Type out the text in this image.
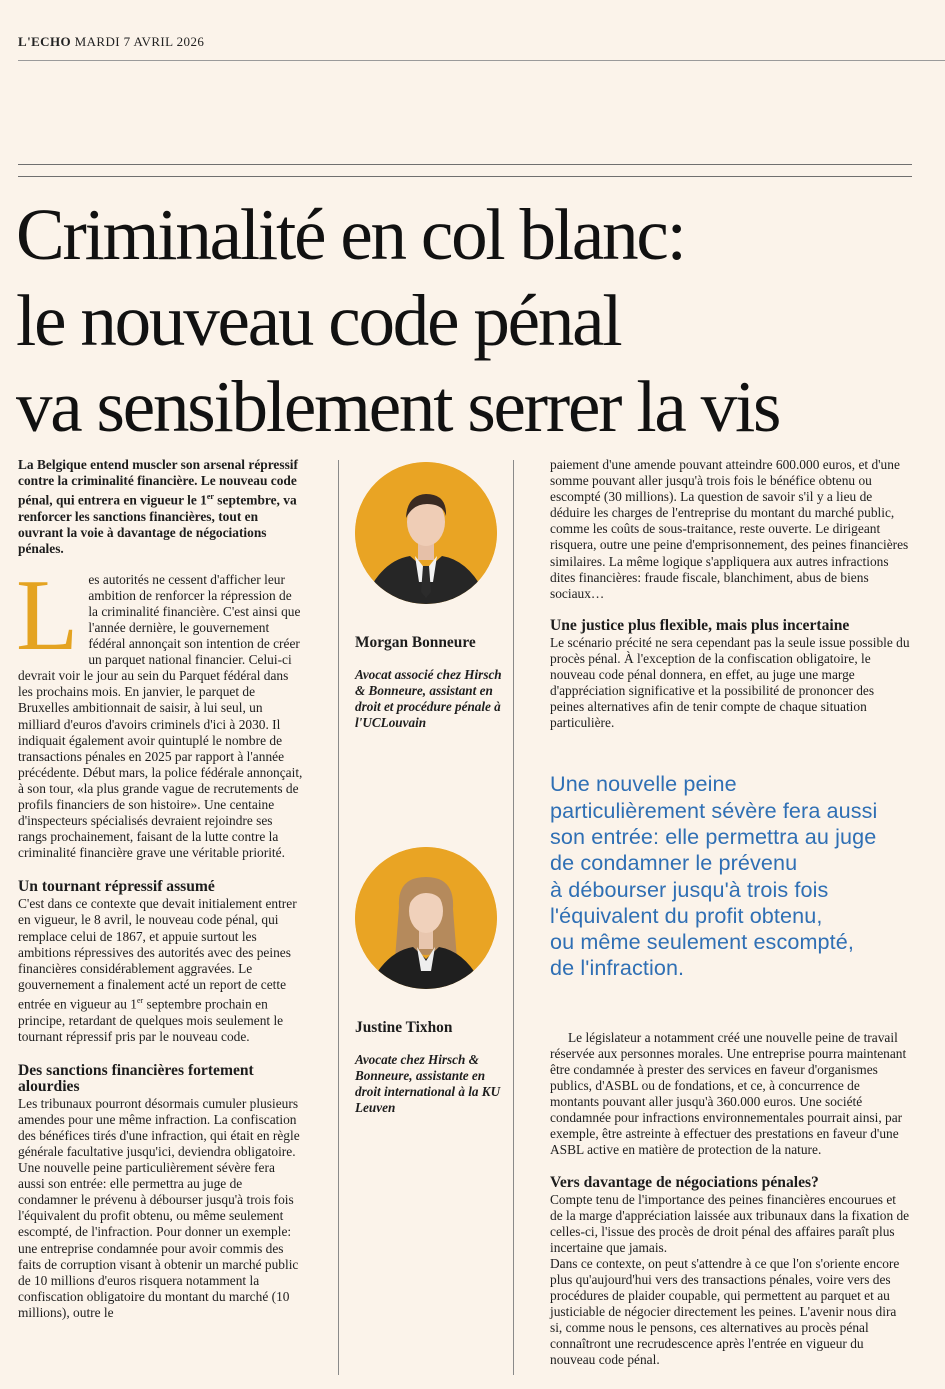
L'ECHO MARDI 7 AVRIL 2026
Criminalité en col blanc:
le nouveau code pénal
va sensiblement serrer la vis

La Belgique entend muscler son arsenal répressif contre la criminalité financière. Le nouveau code pénal, qui entrera en vigueur le 1er septembre, va renforcer les sanctions financières, tout en ouvrant la voie à davantage de négociations pénales.

L es autorités ne cessent d'afficher leur ambition de renforcer la répression de la criminalité financière. C'est ainsi que l'année dernière, le gouvernement fédéral annonçait son intention de créer un parquet national financier. Celui-ci devrait voir le jour au sein du Parquet fédéral dans les prochains mois. En janvier, le parquet de Bruxelles ambitionnait de saisir, à lui seul, un milliard d'euros d'avoirs criminels d'ici à 2030. Il indiquait également avoir quintuplé le nombre de transactions pénales en 2025 par rapport à l'année précédente. Début mars, la police fédérale annonçait, à son tour, «la plus grande vague de recrutements de profils financiers de son histoire». Une centaine d'inspecteurs spécialisés devraient rejoindre ses rangs prochainement, faisant de la lutte contre la criminalité financière grave une véritable priorité.

Un tournant répressif assumé

C'est dans ce contexte que devait initialement entrer en vigueur, le 8 avril, le nouveau code pénal, qui remplace celui de 1867, et appuie surtout les ambitions répressives des autorités avec des peines financières considérablement aggravées. Le gouvernement a finalement acté un report de cette entrée en vigueur au 1er septembre prochain en principe, retardant de quelques mois seulement le tournant répressif pris par le nouveau code.

Des sanctions financières fortement alourdies

Les tribunaux pourront désormais cumuler plusieurs amendes pour une même infraction. La confiscation des bénéfices tirés d'une infraction, qui était en règle générale facultative jusqu'ici, deviendra obligatoire. Une nouvelle peine particulièrement sévère fera aussi son entrée: elle permettra au juge de condamner le prévenu à débourser jusqu'à trois fois l'équivalent du profit obtenu, ou même seulement escompté, de l'infraction. Pour donner un exemple: une entreprise condamnée pour avoir commis des faits de corruption visant à obtenir un marché public de 10 millions d'euros risquera notamment la confiscation obligatoire du montant du marché (10 millions), outre le

Morgan Bonneure
Avocat associé chez Hirsch & Bonneure, assistant en droit et procédure pénale à l'UCLouvain
Justine Tixhon
Avocate chez Hirsch & Bonneure, assistante en droit international à la KU Leuven

paiement d'une amende pouvant atteindre 600.000 euros, et d'une somme pouvant aller jusqu'à trois fois le bénéfice obtenu ou escompté (30 millions). La question de savoir s'il y a lieu de déduire les charges de l'entreprise du montant du marché public, comme les coûts de sous-traitance, reste ouverte. Le dirigeant risquera, outre une peine d'emprisonnement, des peines financières similaires. La même logique s'appliquera aux autres infractions dites financières: fraude fiscale, blanchiment, abus de biens sociaux…

Une justice plus flexible, mais plus incertaine

Le scénario précité ne sera cependant pas la seule issue possible du procès pénal. À l'exception de la confiscation obligatoire, le nouveau code pénal donnera, en effet, au juge une marge d'appréciation significative et la possibilité de prononcer des peines alternatives afin de tenir compte de chaque situation particulière.

Une nouvelle peine
particulièrement sévère fera aussi
son entrée: elle permettra au juge
de condamner le prévenu
à débourser jusqu'à trois fois
l'équivalent du profit obtenu,
ou même seulement escompté,
de l'infraction.

Le législateur a notamment créé une nouvelle peine de travail réservée aux personnes morales. Une entreprise pourra maintenant être condamnée à prester des services en faveur d'organismes publics, d'ASBL ou de fondations, et ce, à concurrence de montants pouvant aller jusqu'à 360.000 euros. Une société condamnée pour infractions environnementales pourrait ainsi, par exemple, être astreinte à effectuer des prestations en faveur d'une ASBL active en matière de protection de la nature.

Vers davantage de négociations pénales?

Compte tenu de l'importance des peines financières encourues et de la marge d'appréciation laissée aux tribunaux dans la fixation de celles-ci, l'issue des procès de droit pénal des affaires paraît plus incertaine que jamais.

Dans ce contexte, on peut s'attendre à ce que l'on s'oriente encore plus qu'aujourd'hui vers des transactions pénales, voire vers des procédures de plaider coupable, qui permettent au parquet et au justiciable de négocier directement les peines. L'avenir nous dira si, comme nous le pensons, ces alternatives au procès pénal connaîtront une recrudescence après l'entrée en vigueur du nouveau code pénal.
